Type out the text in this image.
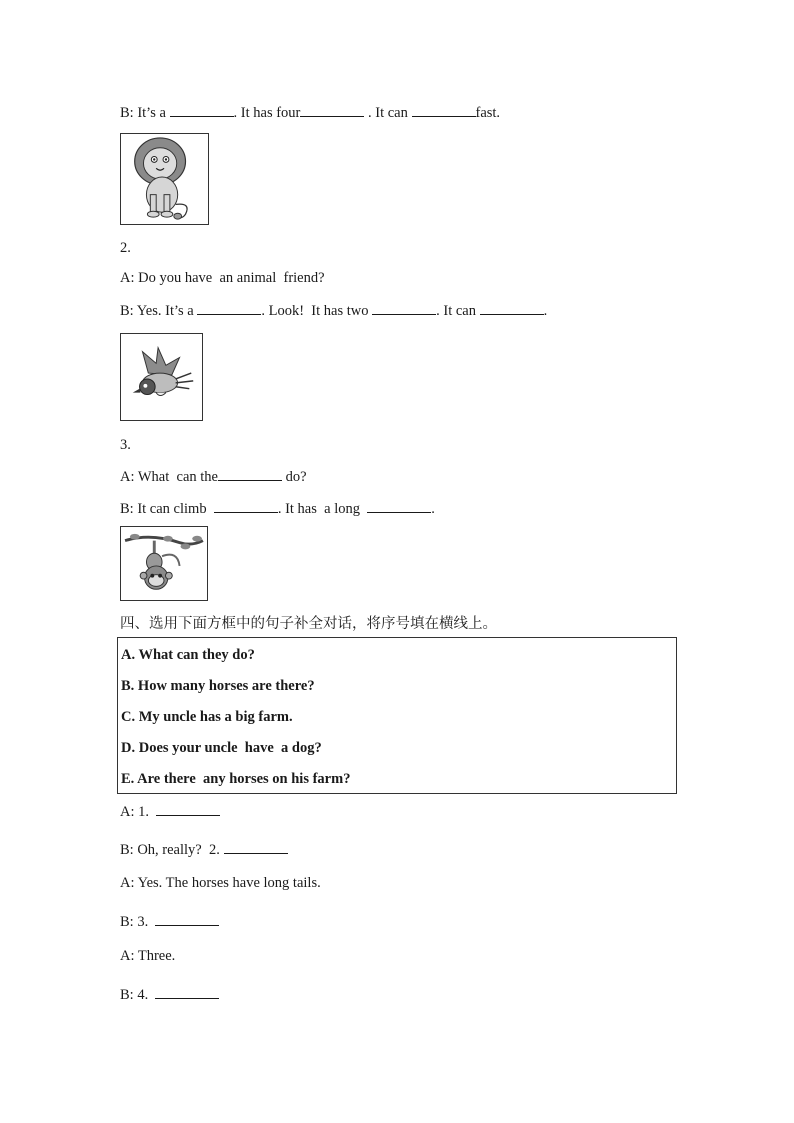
B: It’s a	. It has four	. It can	fast.
2.
A: Do you have  an animal  friend?
B: Yes. It’s a	. Look!  It has two	. It can	.
3.
A: What  can the	do?
B: It can climb	. It has  a long	.
四、选用下面方框中的句子补全对话，将序号填在横线上。
A. What can they do?
B. How many horses are there?
C. My uncle has a big farm.
D. Does your uncle  have  a dog?
E. Are there  any horses on his farm?
A: 1.
B: Oh, really?  2.
A: Yes. The horses have long tails.
B: 3.
A: Three.
B: 4.
